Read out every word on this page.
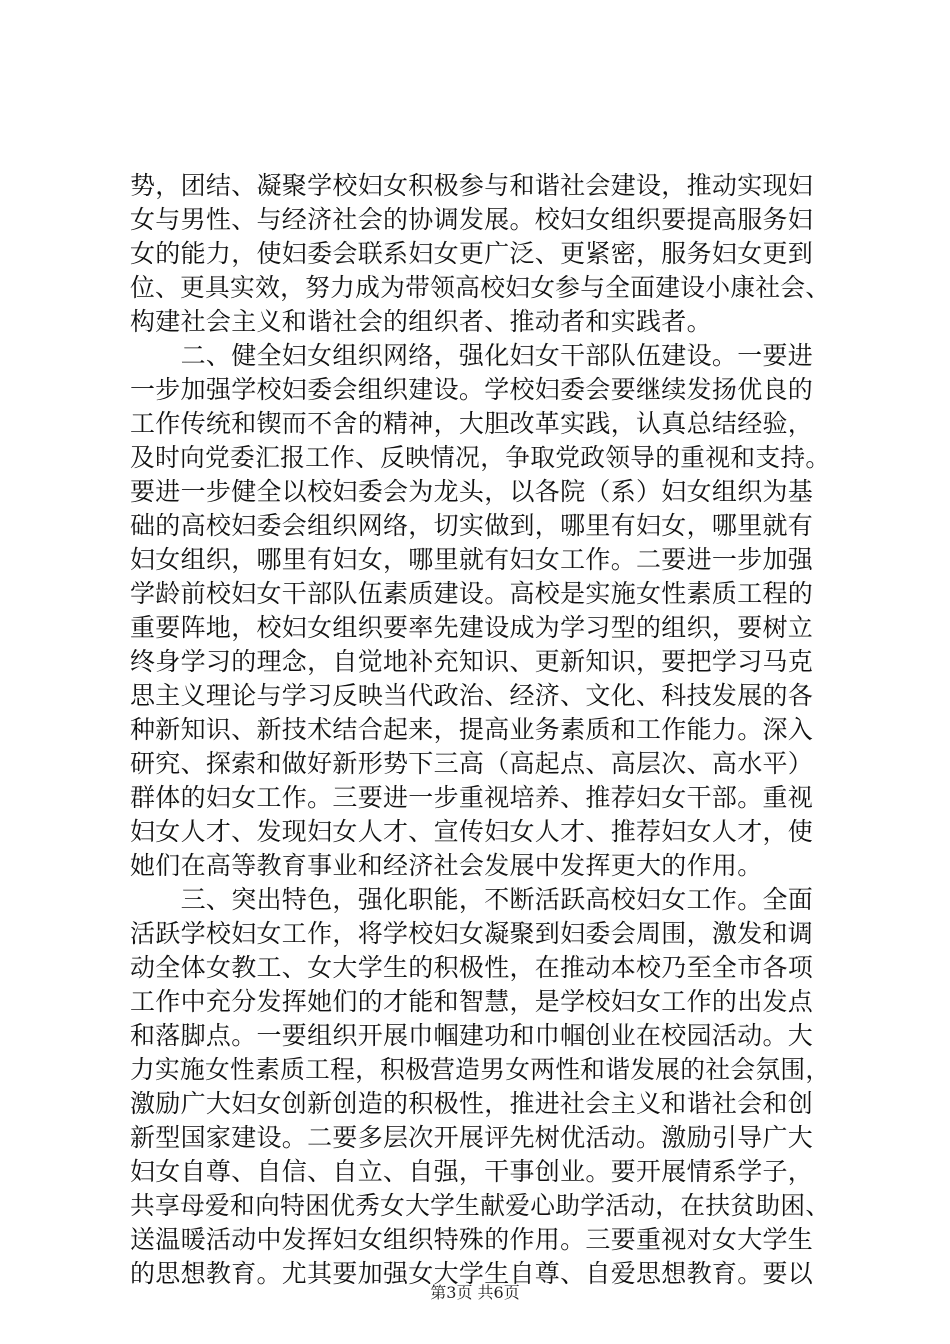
势，团结、凝聚学校妇女积极参与和谐社会建设，推动实现妇
女与男性、与经济社会的协调发展。校妇女组织要提高服务妇
女的能力，使妇委会联系妇女更广泛、更紧密，服务妇女更到
位、更具实效，努力成为带领高校妇女参与全面建设小康社会、
构建社会主义和谐社会的组织者、推动者和实践者。
　　二、健全妇女组织网络，强化妇女干部队伍建设。一要进
一步加强学校妇委会组织建设。学校妇委会要继续发扬优良的
工作传统和锲而不舍的精神，大胆改革实践，认真总结经验，
及时向党委汇报工作、反映情况，争取党政领导的重视和支持。
要进一步健全以校妇委会为龙头，以各院（系）妇女组织为基
础的高校妇委会组织网络，切实做到，哪里有妇女，哪里就有
妇女组织，哪里有妇女，哪里就有妇女工作。二要进一步加强
学龄前校妇女干部队伍素质建设。高校是实施女性素质工程的
重要阵地，校妇女组织要率先建设成为学习型的组织，要树立
终身学习的理念，自觉地补充知识、更新知识，要把学习马克
思主义理论与学习反映当代政治、经济、文化、科技发展的各
种新知识、新技术结合起来，提高业务素质和工作能力。深入
研究、探索和做好新形势下三高（高起点、高层次、高水平）
群体的妇女工作。三要进一步重视培养、推荐妇女干部。重视
妇女人才、发现妇女人才、宣传妇女人才、推荐妇女人才，使
她们在高等教育事业和经济社会发展中发挥更大的作用。
　　三、突出特色，强化职能，不断活跃高校妇女工作。全面
活跃学校妇女工作，将学校妇女凝聚到妇委会周围，激发和调
动全体女教工、女大学生的积极性，在推动本校乃至全市各项
工作中充分发挥她们的才能和智慧，是学校妇女工作的出发点
和落脚点。一要组织开展巾帼建功和巾帼创业在校园活动。大
力实施女性素质工程，积极营造男女两性和谐发展的社会氛围，
激励广大妇女创新创造的积极性，推进社会主义和谐社会和创
新型国家建设。二要多层次开展评先树优活动。激励引导广大
妇女自尊、自信、自立、自强，干事创业。要开展情系学子，
共享母爱和向特困优秀女大学生献爱心助学活动，在扶贫助困、
送温暖活动中发挥妇女组织特殊的作用。三要重视对女大学生
的思想教育。尤其要加强女大学生自尊、自爱思想教育。要以
第3页 共6页
